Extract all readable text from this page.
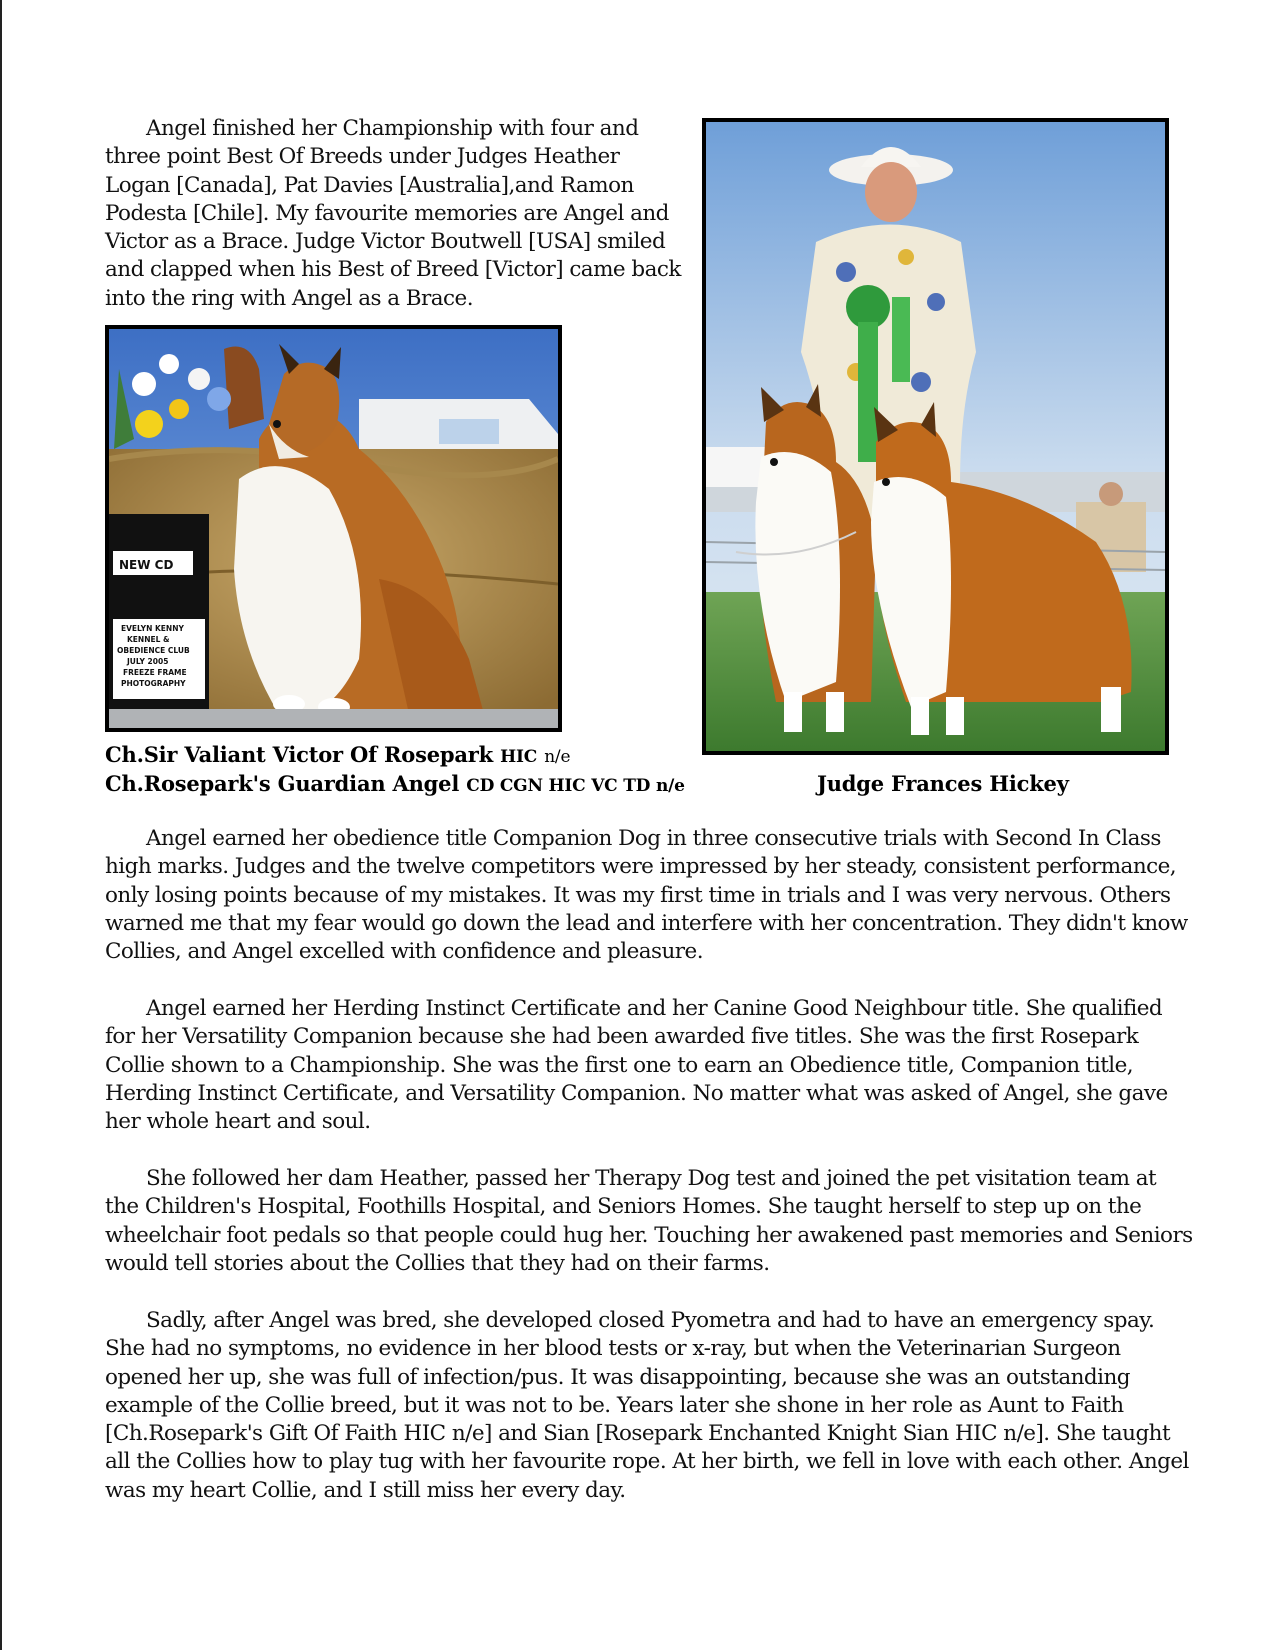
Angel finished her Championship with four and three point Best Of Breeds under Judges Heather Logan [Canada], Pat Davies [Australia],and Ramon Podesta [Chile]. My favourite memories are Angel and Victor as a Brace. Judge Victor Boutwell [USA] smiled and clapped when his Best of Breed [Victor] came back into the ring with Angel as a Brace.

NEW CD
EVELYN KENNY KENNEL & OBEDIENCE CLUB JULY 2005 FREEZE FRAME PHOTOGRAPHY
Ch.Sir Valiant Victor Of Rosepark HIC n/e
Ch.Rosepark's Guardian Angel CD CGN HIC VC TD n/e	Judge Frances Hickey

Angel earned her obedience title Companion Dog in three consecutive trials with Second In Class high marks. Judges and the twelve competitors were impressed by her steady, consistent performance, only losing points because of my mistakes. It was my first time in trials and I was very nervous. Others warned me that my fear would go down the lead and interfere with her concentration. They didn't know Collies, and Angel excelled with confidence and pleasure.

Angel earned her Herding Instinct Certificate and her Canine Good Neighbour title. She qualified for her Versatility Companion because she had been awarded five titles. She was the first Rosepark Collie shown to a Championship. She was the first one to earn an Obedience title, Companion title, Herding Instinct Certificate, and Versatility Companion. No matter what was asked of Angel, she gave her whole heart and soul.

She followed her dam Heather, passed her Therapy Dog test and joined the pet visitation team at the Children's Hospital, Foothills Hospital, and Seniors Homes. She taught herself to step up on the wheelchair foot pedals so that people could hug her. Touching her awakened past memories and Seniors would tell stories about the Collies that they had on their farms.

Sadly, after Angel was bred, she developed closed Pyometra and had to have an emergency spay. She had no symptoms, no evidence in her blood tests or x-ray, but when the Veterinarian Surgeon opened her up, she was full of infection/pus. It was disappointing, because she was an outstanding example of the Collie breed, but it was not to be. Years later she shone in her role as Aunt to Faith [Ch.Rosepark's Gift Of Faith HIC n/e] and Sian [Rosepark Enchanted Knight Sian HIC n/e]. She taught all the Collies how to play tug with her favourite rope. At her birth, we fell in love with each other. Angel was my heart Collie, and I still miss her every day.
